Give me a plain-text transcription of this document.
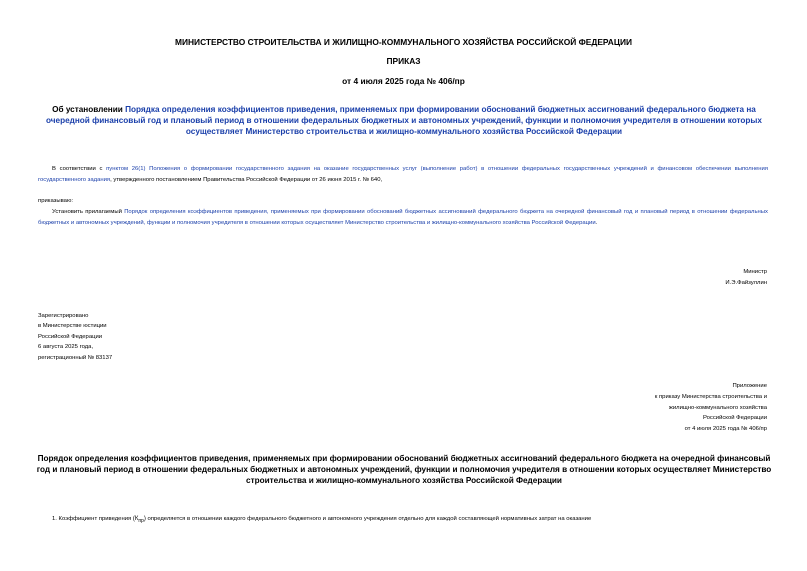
МИНИСТЕРСТВО СТРОИТЕЛЬСТВА И ЖИЛИЩНО-КОММУНАЛЬНОГО ХОЗЯЙСТВА РОССИЙСКОЙ ФЕДЕРАЦИИ
ПРИКАЗ
от 4 июля 2025 года № 406/пр
Об установлении Порядка определения коэффициентов приведения, применяемых при формировании обоснований бюджетных ассигнований федерального бюджета на очередной финансовый год и плановый период в отношении федеральных бюджетных и автономных учреждений, функции и полномочия учредителя в отношении которых осуществляет Министерство строительства и жилищно-коммунального хозяйства Российской Федерации
В соответствии с пунктом 26(1) Положения о формировании государственного задания на оказание государственных услуг (выполнение работ) в отношении федеральных государственных учреждений и финансовом обеспечении выполнения государственного задания, утвержденного постановлением Правительства Российской Федерации от 26 июня 2015 г. № 640,
приказываю:
Установить прилагаемый Порядок определения коэффициентов приведения, применяемых при формировании обоснований бюджетных ассигнований федерального бюджета на очередной финансовый год и плановый период в отношении федеральных бюджетных и автономных учреждений, функции и полномочия учредителя в отношении которых осуществляет Министерство строительства и жилищно-коммунального хозяйства Российской Федерации.
Министр
И.Э.Файзуллин
Зарегистрировано
в Министерстве юстиции
Российской Федерации
6 августа 2025 года,
регистрационный № 83137
Приложение
к приказу Министерства строительства и
жилищно-коммунального хозяйства
Российской Федерации
от 4 июля 2025 года № 406/пр
Порядок определения коэффициентов приведения, применяемых при формировании обоснований бюджетных ассигнований федерального бюджета на очередной финансовый год и плановый период в отношении федеральных бюджетных и автономных учреждений, функции и полномочия учредителя в отношении которых осуществляет Министерство строительства и жилищно-коммунального хозяйства Российской Федерации
1. Коэффициент приведения $(К_{пр})$ определяется в отношении каждого федерального бюджетного и автономного учреждения отдельно для каждой составляющей нормативных затрат на оказание
